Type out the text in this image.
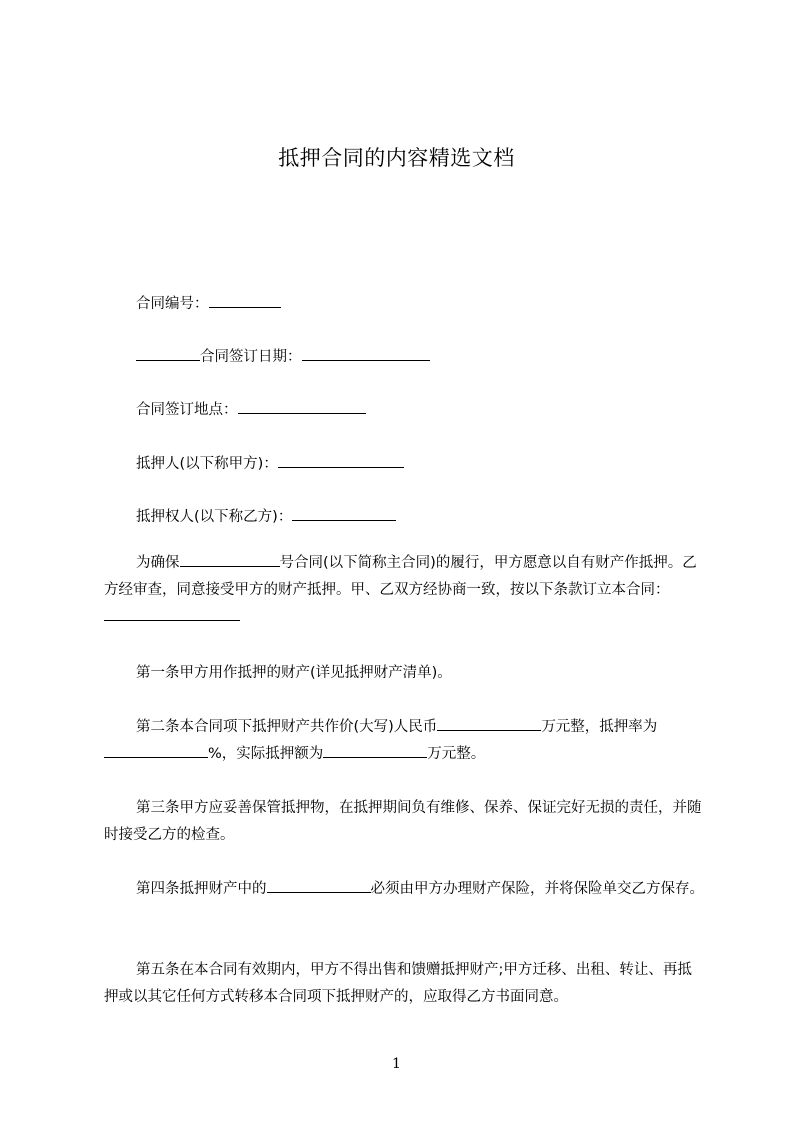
抵押合同的内容精选文档
合同编号：
合同签订日期：
合同签订地点：
抵押人(以下称甲方)：
抵押权人(以下称乙方)：
为确保	号合同(以下简称主合同)的履行，甲方愿意以自有财产作抵押。乙方经审查，同意接受甲方的财产抵押。甲、乙双方经协商一致，按以下条款订立本合同：
第一条甲方用作抵押的财产(详见抵押财产清单)。
第二条本合同项下抵押财产共作价(大写)人民币	万元整，抵押率为%，实际抵押额为	万元整。
第三条甲方应妥善保管抵押物，在抵押期间负有维修、保养、保证完好无损的责任，并随时接受乙方的检查。
第四条抵押财产中的	必须由甲方办理财产保险，并将保险单交乙方保存。
第五条在本合同有效期内，甲方不得出售和馈赠抵押财产;甲方迁移、出租、转让、再抵押或以其它任何方式转移本合同项下抵押财产的，应取得乙方书面同意。
1
